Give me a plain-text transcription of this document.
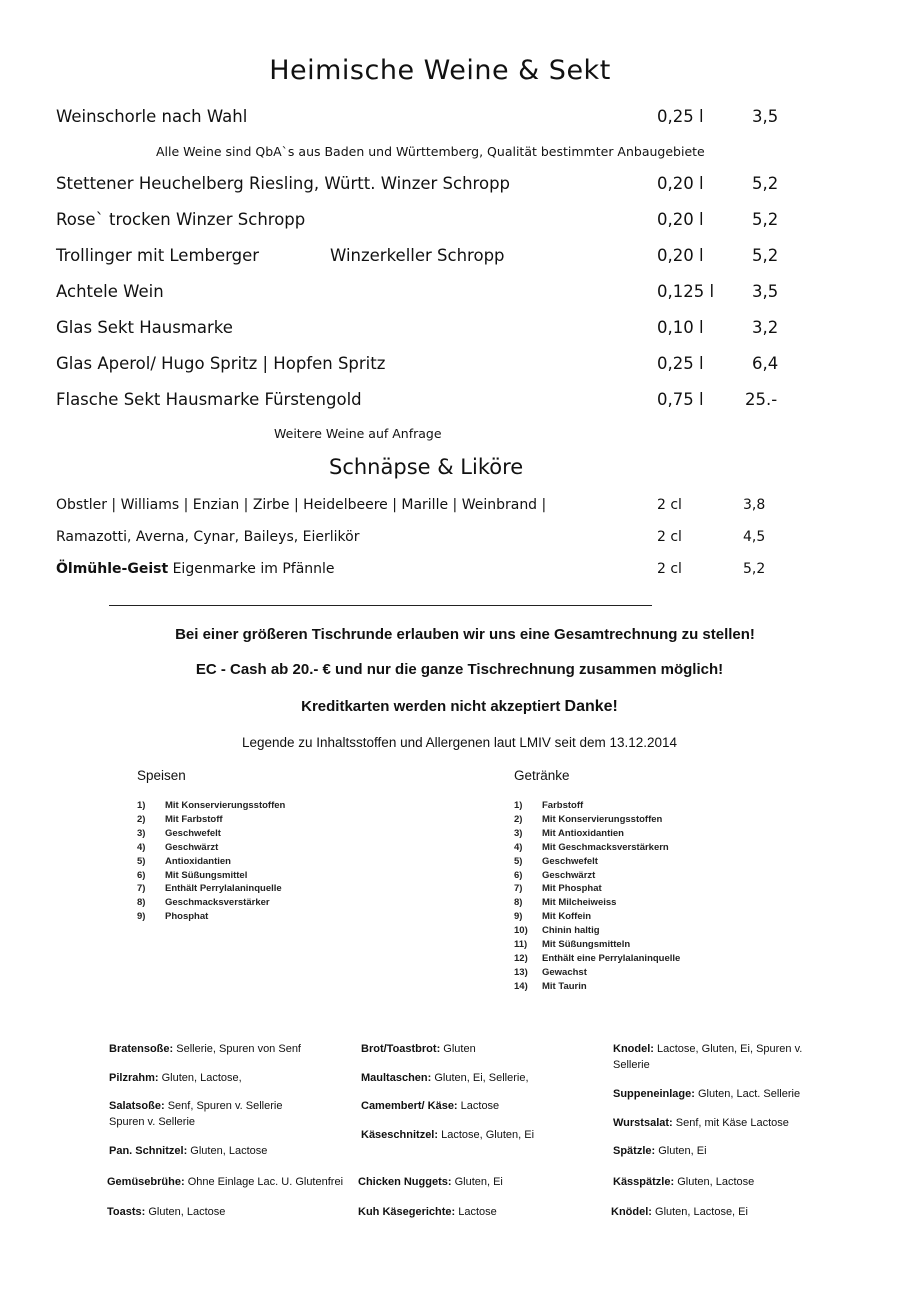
Heimische Weine & Sekt
Weinschorle nach Wahl	0,25 l	3,5
Alle Weine sind QbA`s aus Baden und Württemberg, Qualität bestimmter Anbaugebiete
Stettener Heuchelberg Riesling, Württ. Winzer Schropp	0,20 l	5,2
Rose` trocken Winzer Schropp	0,20 l	5,2
Trollinger mit Lemberger	Winzerkeller Schropp	0,20 l	5,2
Achtele Wein	0,125 l 3,5
Glas Sekt Hausmarke	0,10 l	3,2
Glas Aperol/ Hugo Spritz | Hopfen Spritz	0,25 l	6,4
Flasche Sekt Hausmarke Fürstengold	0,75 l	25.-
Weitere Weine auf Anfrage
Schnäpse & Liköre
Obstler | Williams | Enzian | Zirbe | Heidelbeere | Marille | Weinbrand |	2 cl	3,8
Ramazotti, Averna, Cynar, Baileys, Eierlikör	2 cl	4,5
Ölmühle-Geist Eigenmarke im Pfännle	2 cl	5,2
Bei einer größeren Tischrunde erlauben wir uns eine Gesamtrechnung zu stellen!
EC - Cash ab 20.- € und nur die ganze Tischrechnung zusammen möglich!
Kreditkarten werden nicht akzeptiert Danke!
Legende zu Inhaltsstoffen und Allergenen laut LMIV seit dem 13.12.2014
Speisen
1) Mit Konservierungsstoffen
2) Mit Farbstoff
3) Geschwefelt
4) Geschwärzt
5) Antioxidantien
6) Mit Süßungsmittel
7) Enthält Perrylalaninquelle
8) Geschmacksverstärker
9) Phosphat
Getränke
1) Farbstoff
2) Mit Konservierungsstoffen
3) Mit Antioxidantien
4) Mit Geschmacksverstärkern
5) Geschwefelt
6) Geschwärzt
7) Mit Phosphat
8) Mit Milcheiweiss
9) Mit Koffein
10) Chinin haltig
11) Mit Süßungsmitteln
12) Enthält eine Perrylalaninquelle
13) Gewachst
14) Mit Taurin
Bratensoße: Sellerie, Spuren von Senf
Pilzrahm: Gluten, Lactose,
Salatsoße: Senf, Spuren v. Sellerie Spuren v. Sellerie
Pan. Schnitzel: Gluten, Lactose
Gemüsebrühe: Ohne Einlage Lac. U. Glutenfrei
Toasts: Gluten, Lactose
Brot/Toastbrot: Gluten
Maultaschen: Gluten, Ei, Sellerie,
Camembert/ Käse: Lactose
Käseschnitzel: Lactose, Gluten, Ei
Chicken Nuggets: Gluten, Ei
Kuh Käsegerichte: Lactose
Knodel: Lactose, Gluten, Ei, Spuren v. Sellerie
Suppeneinlage: Gluten, Lact. Sellerie
Wurstsalat: Senf, mit Käse Lactose
Spätzle: Gluten, Ei
Kässpätzle: Gluten, Lactose
Knödel: Gluten, Lactose, Ei
